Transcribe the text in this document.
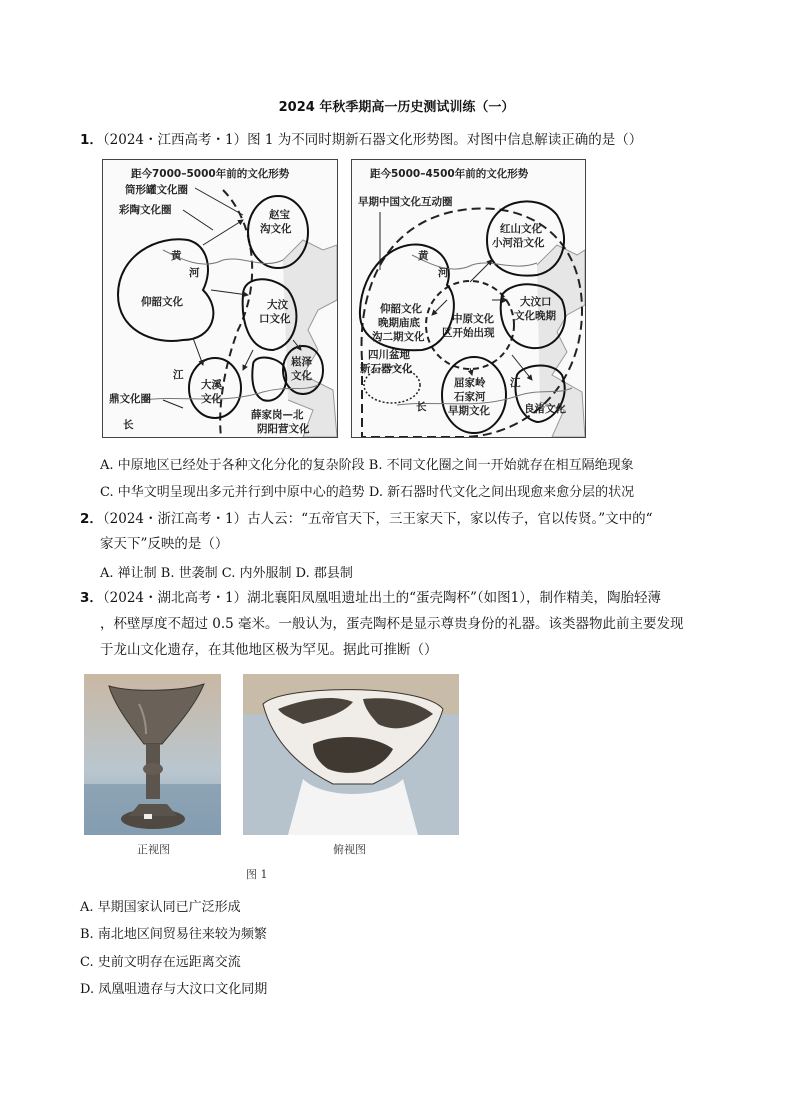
2024 年秋季期高一历史测试训练（一）
1．（2024・江西高考・1）图 1 为不同时期新石器文化形势图。对图中信息解读正确的是（）
距今7000–5000年前的文化形势
筒形罐文化圈
彩陶文化圈	赵宝
沟文化
黄
河
仰韶文化	大汶
口文化
江
大溪
文化
崧泽
文化
鼎文化圈
长
薛家岗—北
阴阳营文化
距今5000–4500年前的文化形势
早期中国文化互动圈
红山文化
小河沿文化
黄
河
大汶口
文化晚期
仰韶文化
晚期庙底
沟二期文化
中原文化
区开始出现
四川盆地
新石器文化
江
屈家岭
石家河
早期文化
长	良渚文化
A. 中原地区已经处于各种文化分化的复杂阶段 B. 不同文化圈之间一开始就存在相互隔绝现象
C. 中华文明呈现出多元并行到中原中心的趋势 D. 新石器时代文化之间出现愈来愈分层的状况
2．（2024・浙江高考・1）古人云：“五帝官天下，三王家天下，家以传子，官以传贤。”文中的“
家天下”反映的是（）
A. 禅让制 B. 世袭制 C. 内外服制 D. 郡县制
3．（2024・湖北高考・1）湖北襄阳凤凰咀遗址出土的“蛋壳陶杯”（如图1），制作精美，陶胎轻薄
，杯壁厚度不超过 0.5 毫米。一般认为，蛋壳陶杯是显示尊贵身份的礼器。该类器物此前主要发现
于龙山文化遗存，在其他地区极为罕见。据此可推断（）
正视图	俯视图
图 1
A. 早期国家认同已广泛形成
B. 南北地区间贸易往来较为频繁
C. 史前文明存在远距离交流
D. 凤凰咀遗存与大汶口文化同期
